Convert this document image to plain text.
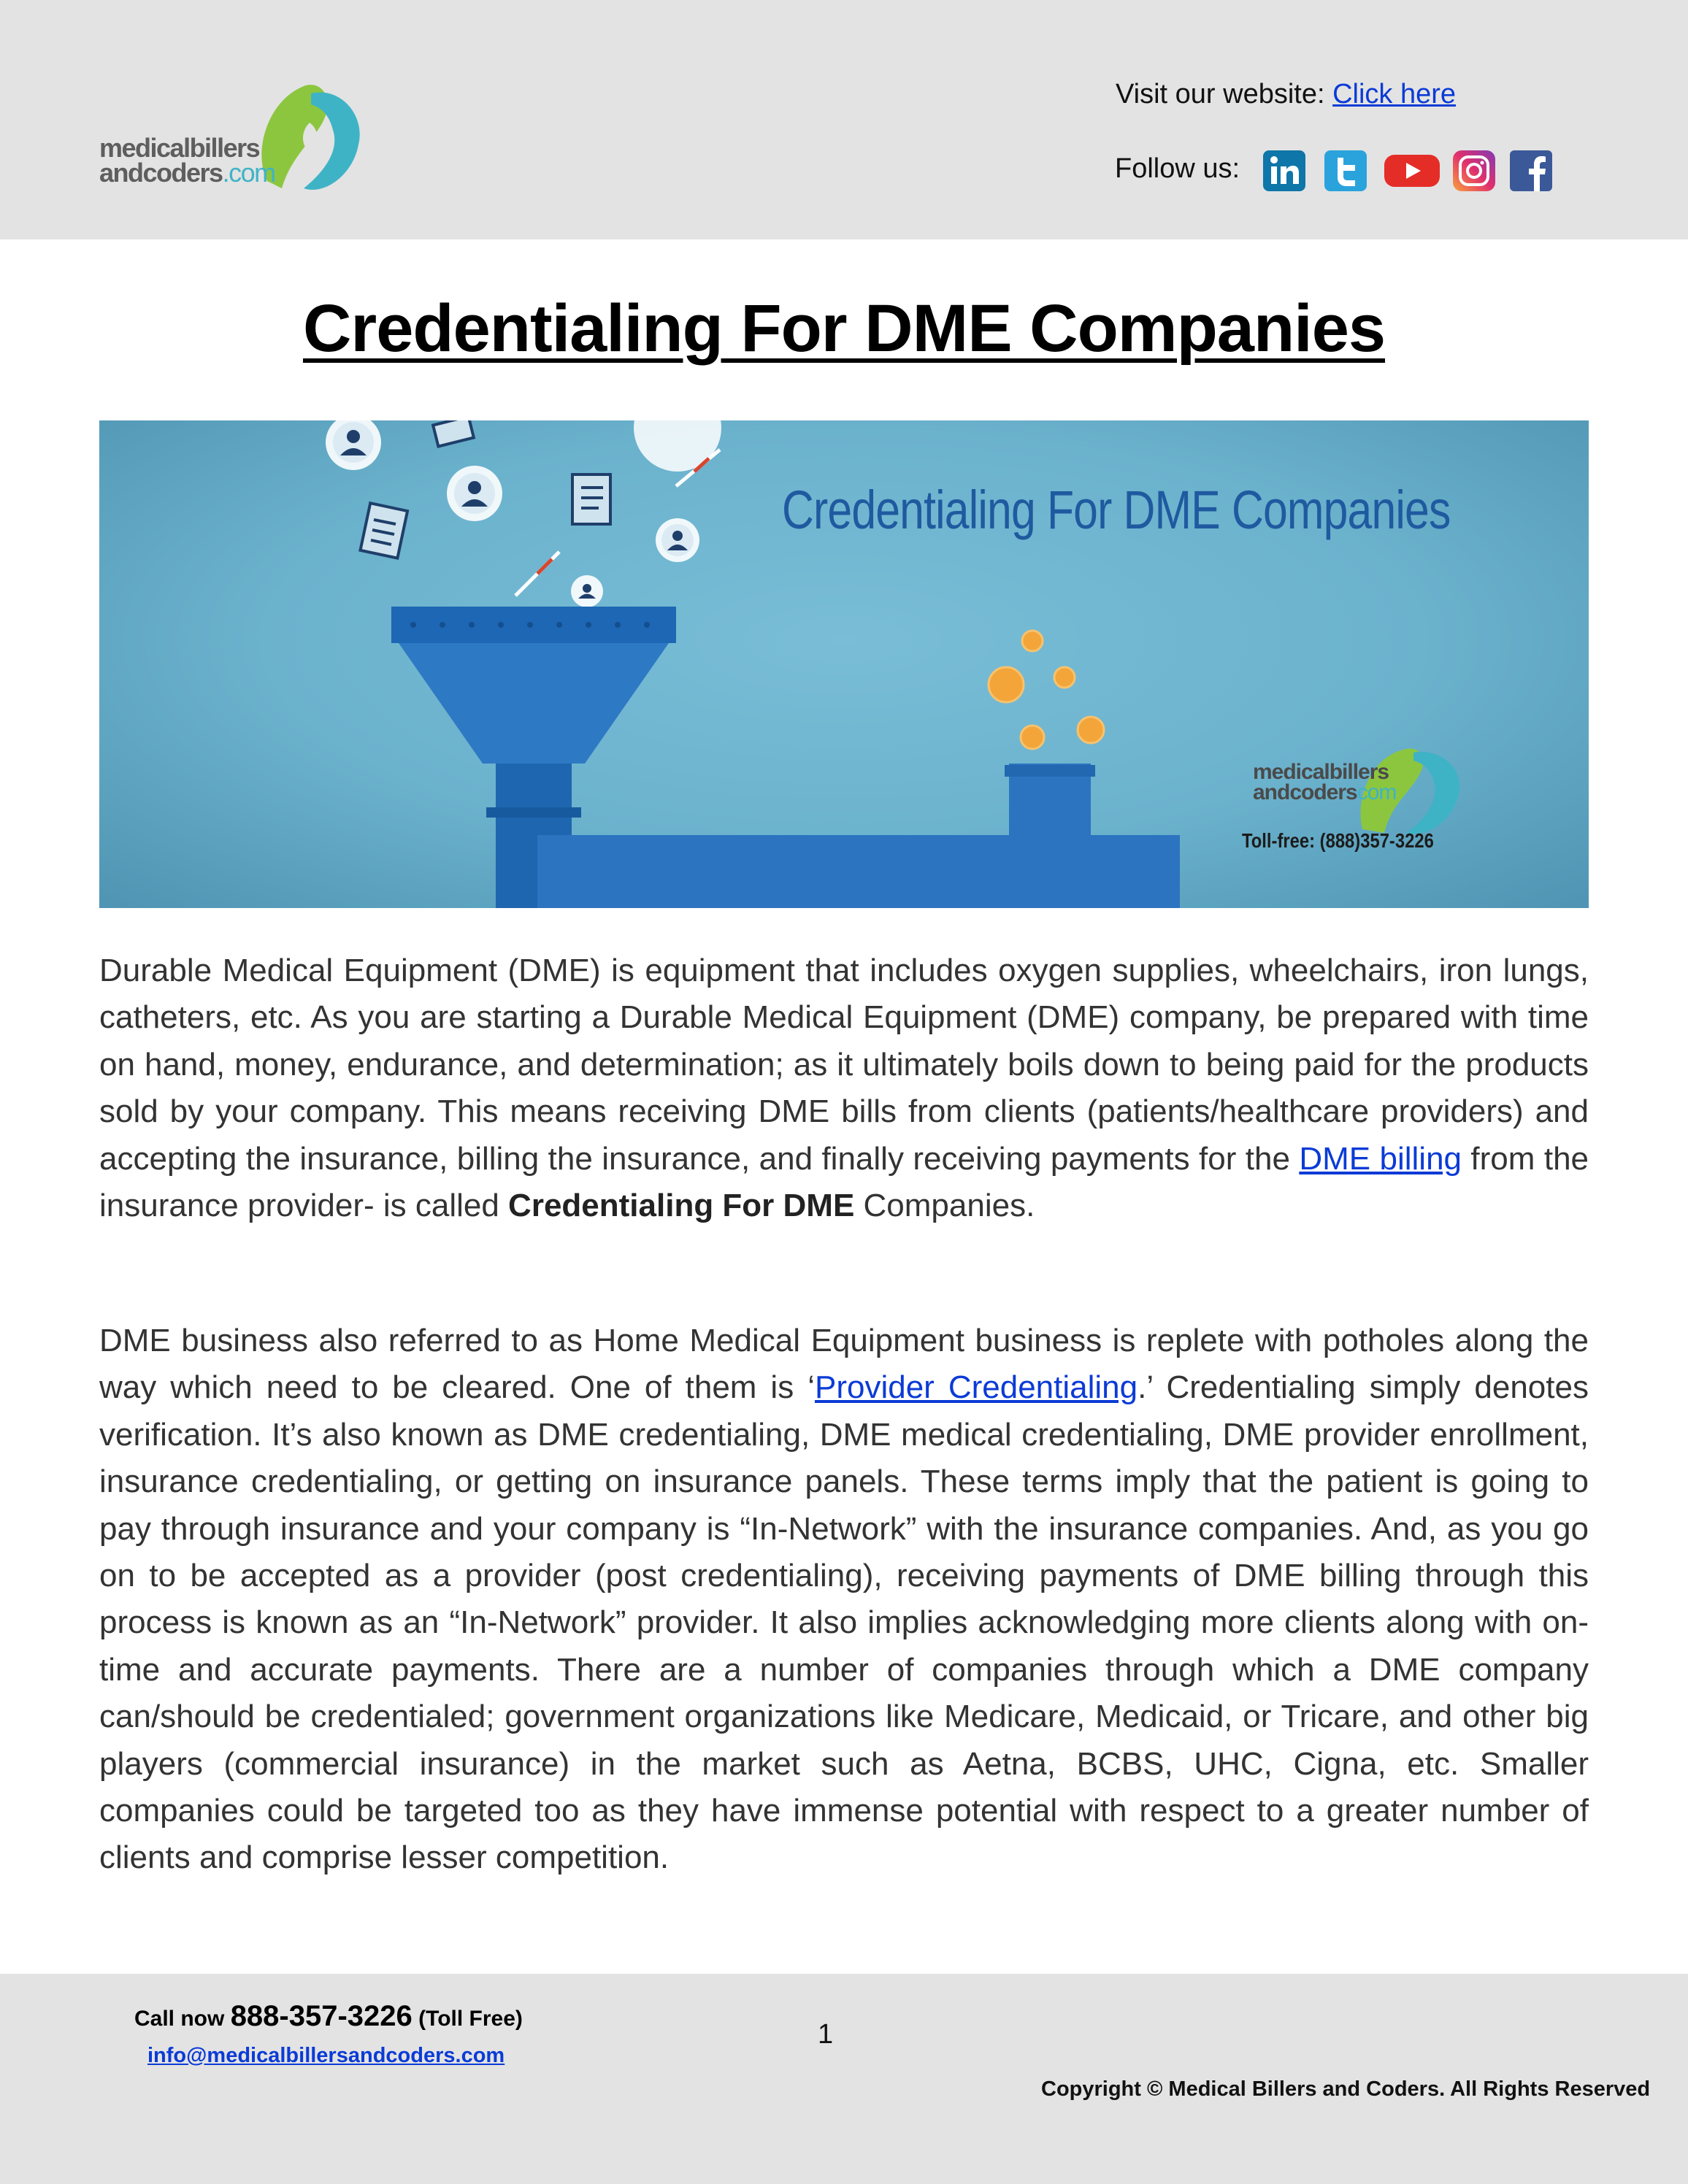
medicalbillers
andcoders.com
Visit our website: Click here
Follow us:
Credentialing For DME Companies
Credentialing For DME Companies
medicalbillers
andcoderscom
Toll-free: (888)357-3226

Durable Medical Equipment (DME) is equipment that includes oxygen supplies, wheelchairs, iron lungs, catheters, etc. As you are starting a Durable Medical Equipment (DME) company, be prepared with time on hand, money, endurance, and determination; as it ultimately boils down to being paid for the products sold by your company. This means receiving DME bills from clients (patients/healthcare providers) and accepting the insurance, billing the insurance, and finally receiving payments for the DME billing from the insurance provider- is called Credentialing For DME Companies.

DME business also referred to as Home Medical Equipment business is replete with potholes along the way which need to be cleared. One of them is ‘Provider Credentialing.’ Credentialing simply denotes verification. It’s also known as DME credentialing, DME medical credentialing, DME provider enrollment, insurance credentialing, or getting on insurance panels. These terms imply that the patient is going to pay through insurance and your company is “In-Network” with the insurance companies. And, as you go on to be accepted as a provider (post credentialing), receiving payments of DME billing through this process is known as an “In-Network” provider. It also implies acknowledging more clients along with on-time and accurate payments. There are a number of companies through which a DME company can/should be credentialed; government organizations like Medicare, Medicaid, or Tricare, and other big players (commercial insurance) in the market such as Aetna, BCBS, UHC, Cigna, etc. Smaller companies could be targeted too as they have immense potential with respect to a greater number of clients and comprise lesser competition.

Call now 888-357-3226 (Toll Free)
info@medicalbillersandcoders.com
1
Copyright © Medical Billers and Coders. All Rights Reserved
